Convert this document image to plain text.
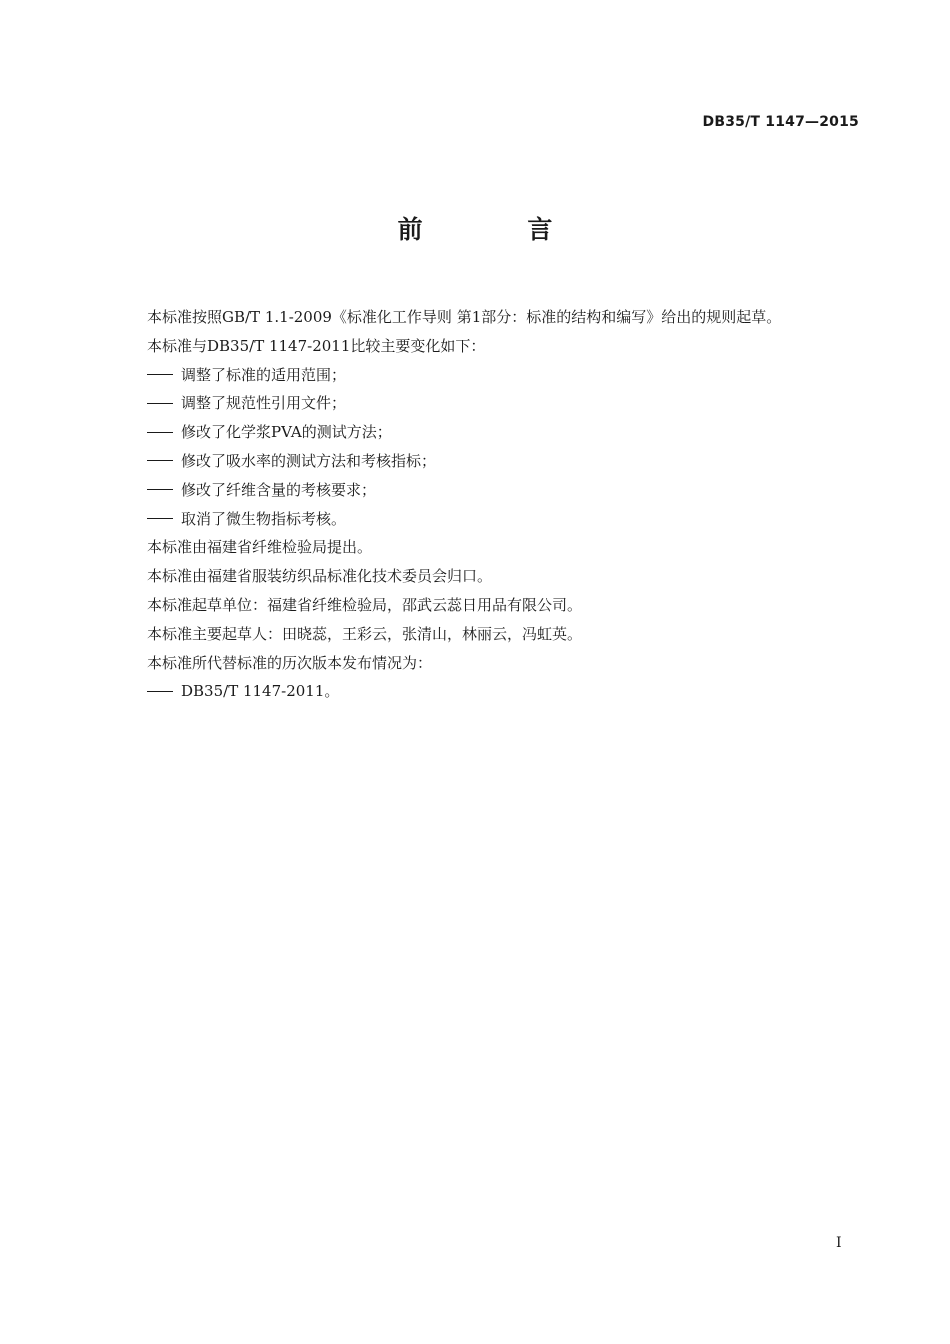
DB35/T 1147—2015
前 言
本标准按照GB/T 1.1-2009《标准化工作导则 第1部分：标准的结构和编写》给出的规则起草。
本标准与DB35/T 1147-2011比较主要变化如下：
调整了标准的适用范围；
调整了规范性引用文件；
修改了化学浆PVA的测试方法；
修改了吸水率的测试方法和考核指标；
修改了纤维含量的考核要求；
取消了微生物指标考核。
本标准由福建省纤维检验局提出。
本标准由福建省服装纺织品标准化技术委员会归口。
本标准起草单位：福建省纤维检验局，邵武云蕊日用品有限公司。
本标准主要起草人：田晓蕊，王彩云，张清山，林丽云，冯虹英。
本标准所代替标准的历次版本发布情况为：
DB35/T 1147-2011。
I
